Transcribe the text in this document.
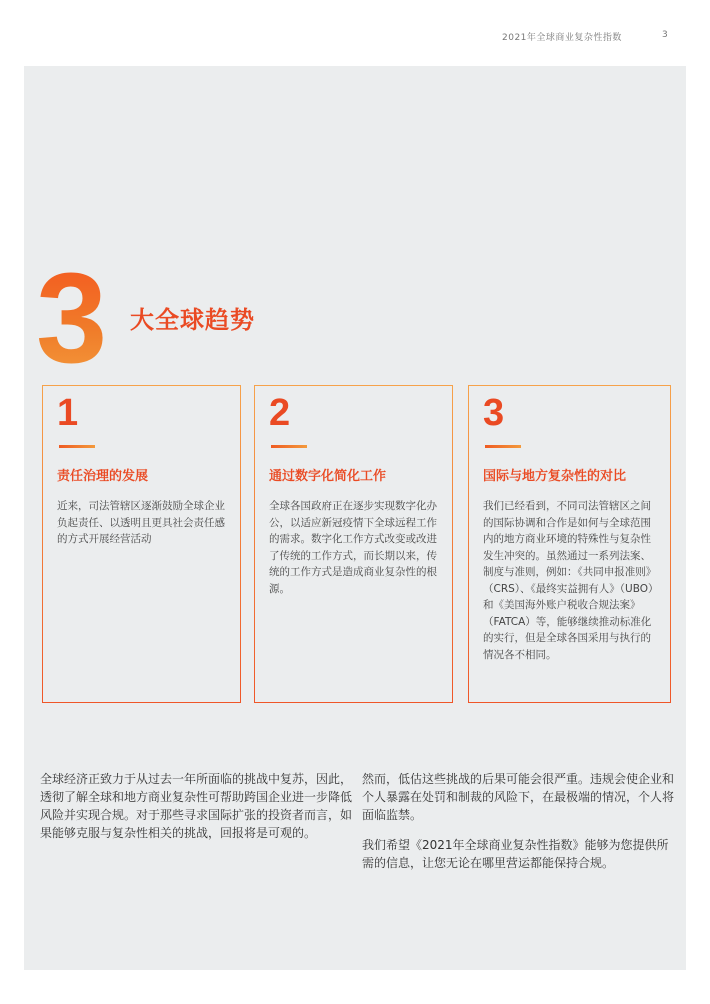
2021年全球商业复杂性指数	3
3 大全球趋势
1
责任治理的发展
近来，司法管辖区逐渐鼓励全球企业负起责任、以透明且更具社会责任感的方式开展经营活动
2
通过数字化简化工作
全球各国政府正在逐步实现数字化办公，以适应新冠疫情下全球远程工作的需求。数字化工作方式改变或改进了传统的工作方式，而长期以来，传统的工作方式是造成商业复杂性的根源。
3
国际与地方复杂性的对比
我们已经看到，不同司法管辖区之间的国际协调和合作是如何与全球范围内的地方商业环境的特殊性与复杂性发生冲突的。虽然通过一系列法案、制度与准则，例如：《共同申报准则》（CRS）、《最终实益拥有人》（UBO）和《美国海外账户税收合规法案》（FATCA）等，能够继续推动标准化的实行，但是全球各国采用与执行的情况各不相同。

全球经济正致力于从过去一年所面临的挑战中复苏，因此，透彻了解全球和地方商业复杂性可帮助跨国企业进一步降低风险并实现合规。对于那些寻求国际扩张的投资者而言，如果能够克服与复杂性相关的挑战，回报将是可观的。

然而，低估这些挑战的后果可能会很严重。违规会使企业和个人暴露在处罚和制裁的风险下，在最极端的情况，个人将面临监禁。

我们希望《2021年全球商业复杂性指数》能够为您提供所需的信息，让您无论在哪里营运都能保持合规。
